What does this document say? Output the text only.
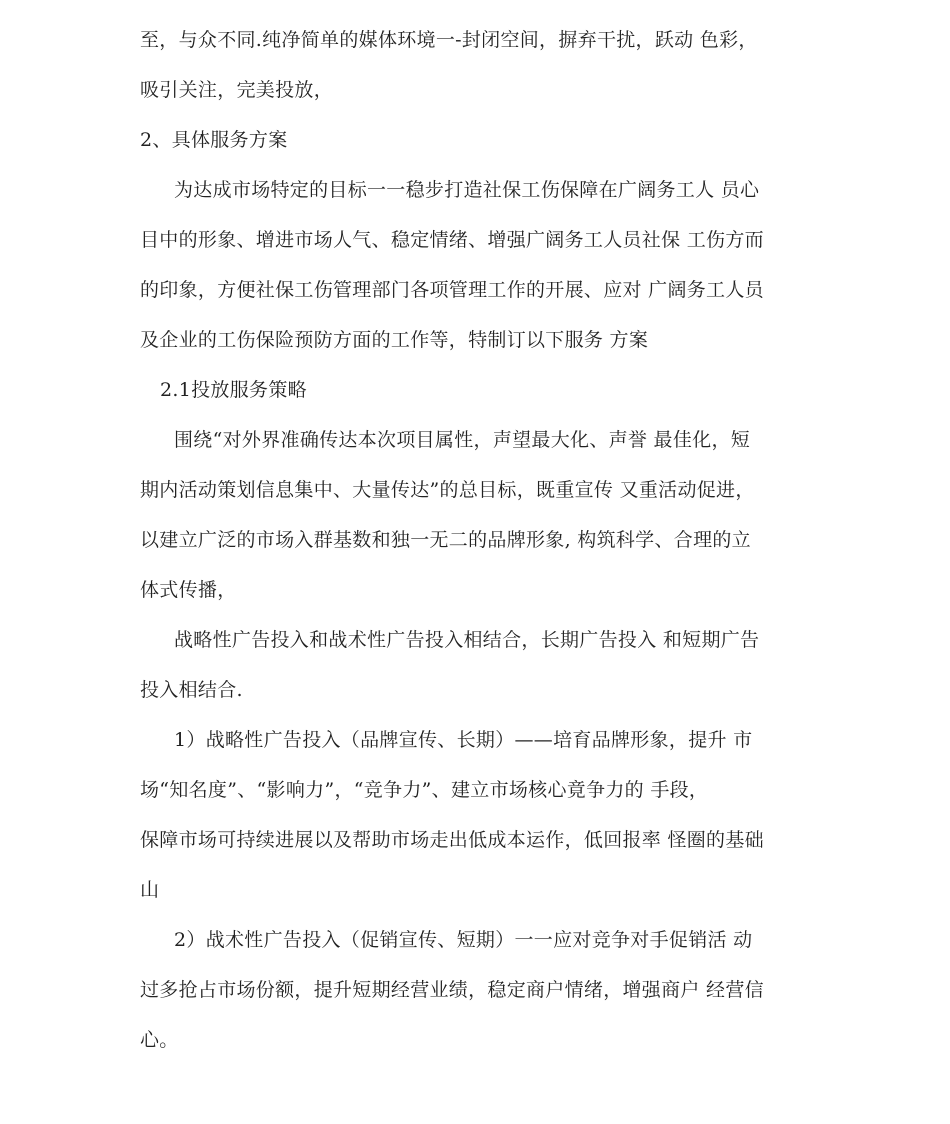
至，与众不同.纯净简单的媒体环境一-封闭空间，摒弃干扰，跃动 色彩，
吸引关注，完美投放，
2、具体服务方案
为达成市场特定的目标一一稳步打造社保工伤保障在广阔务工人 员心
目中的形象、增进市场人气、稳定情绪、增强广阔务工人员社保 工伤方而
的印象，方便社保工伤管理部门各项管理工作的开展、应对 广阔务工人员
及企业的工伤保险预防方面的工作等，特制订以下服务 方案
2.1投放服务策略
围绕“对外界准确传达本次项目属性，声望最大化、声誉 最佳化，短
期内活动策划信息集中、大量传达”的总目标，既重宣传 又重活动促进，
以建立广泛的市场入群基数和独一无二的品牌形象, 构筑科学、合理的立
体式传播，
战略性广告投入和战术性广告投入相结合，长期广告投入 和短期广告
投入相结合.
1）战略性广告投入（品牌宣传、长期）——培育品牌形象，提升 市
场“知名度”、“影响力”，“竞争力”、建立市场核心竟争力的 手段，
保障市场可持续进展以及帮助市场走出低成本运作，低回报率 怪圈的基础
山
2）战术性广告投入（促销宣传、短期）一一应对竞争对手促销活 动
过多抢占市场份额，提升短期经营业绩，稳定商户情绪，增强商户 经营信
心。
